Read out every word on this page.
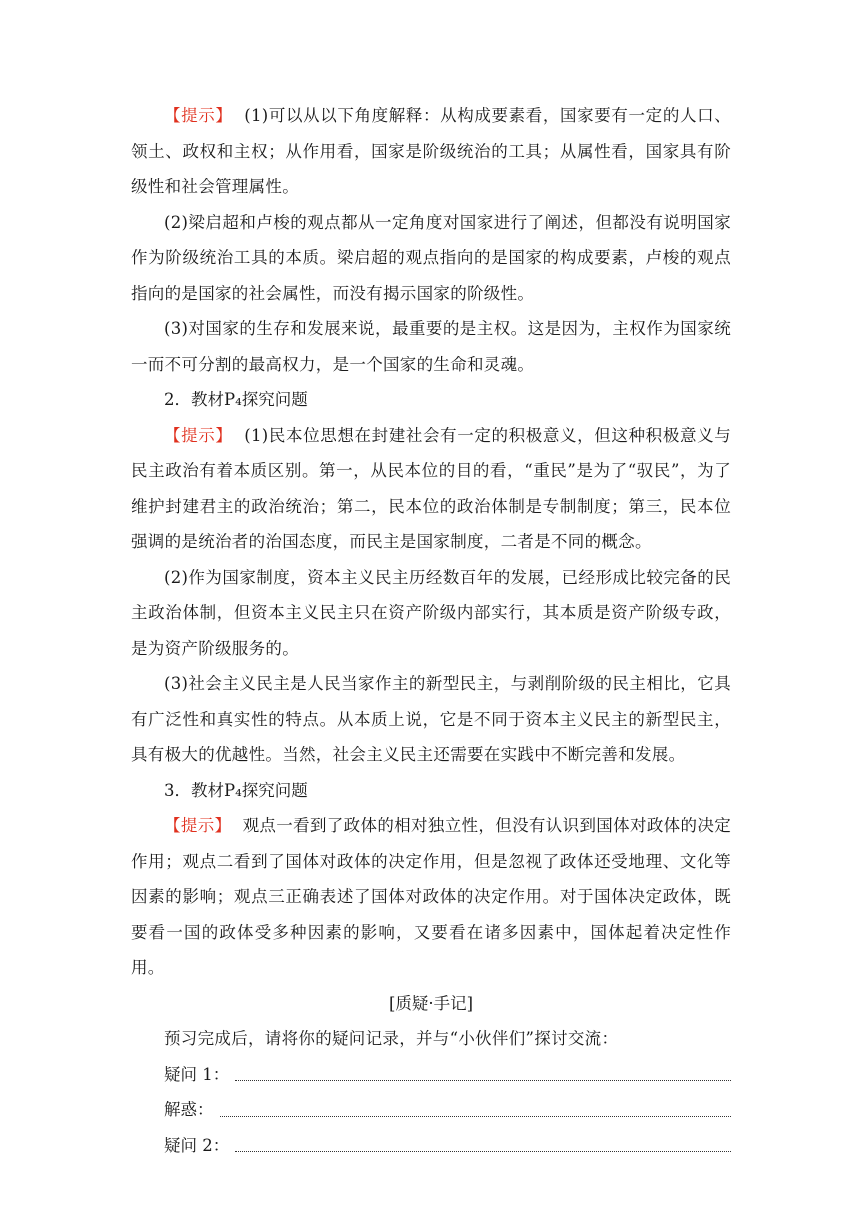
【提示】 (1)可以从以下角度解释：从构成要素看，国家要有一定的人口、领土、政权和主权；从作用看，国家是阶级统治的工具；从属性看，国家具有阶级性和社会管理属性。

(2)梁启超和卢梭的观点都从一定角度对国家进行了阐述，但都没有说明国家作为阶级统治工具的本质。梁启超的观点指向的是国家的构成要素，卢梭的观点指向的是国家的社会属性，而没有揭示国家的阶级性。

(3)对国家的生存和发展来说，最重要的是主权。这是因为，主权作为国家统一而不可分割的最高权力，是一个国家的生命和灵魂。

2．教材P₄探究问题

【提示】 (1)民本位思想在封建社会有一定的积极意义，但这种积极意义与民主政治有着本质区别。第一，从民本位的目的看，“重民”是为了“驭民”，为了维护封建君主的政治统治；第二，民本位的政治体制是专制制度；第三，民本位强调的是统治者的治国态度，而民主是国家制度，二者是不同的概念。

(2)作为国家制度，资本主义民主历经数百年的发展，已经形成比较完备的民主政治体制，但资本主义民主只在资产阶级内部实行，其本质是资产阶级专政，是为资产阶级服务的。

(3)社会主义民主是人民当家作主的新型民主，与剥削阶级的民主相比，它具有广泛性和真实性的特点。从本质上说，它是不同于资本主义民主的新型民主，具有极大的优越性。当然，社会主义民主还需要在实践中不断完善和发展。

3．教材P₄探究问题

【提示】 观点一看到了政体的相对独立性，但没有认识到国体对政体的决定作用；观点二看到了国体对政体的决定作用，但是忽视了政体还受地理、文化等因素的影响；观点三正确表述了国体对政体的决定作用。对于国体决定政体，既要看一国的政体受多种因素的影响，又要看在诸多因素中，国体起着决定性作用。

[质疑·手记]

预习完成后，请将你的疑问记录，并与“小伙伴们”探讨交流：

疑问 1：
解惑：
疑问 2：
